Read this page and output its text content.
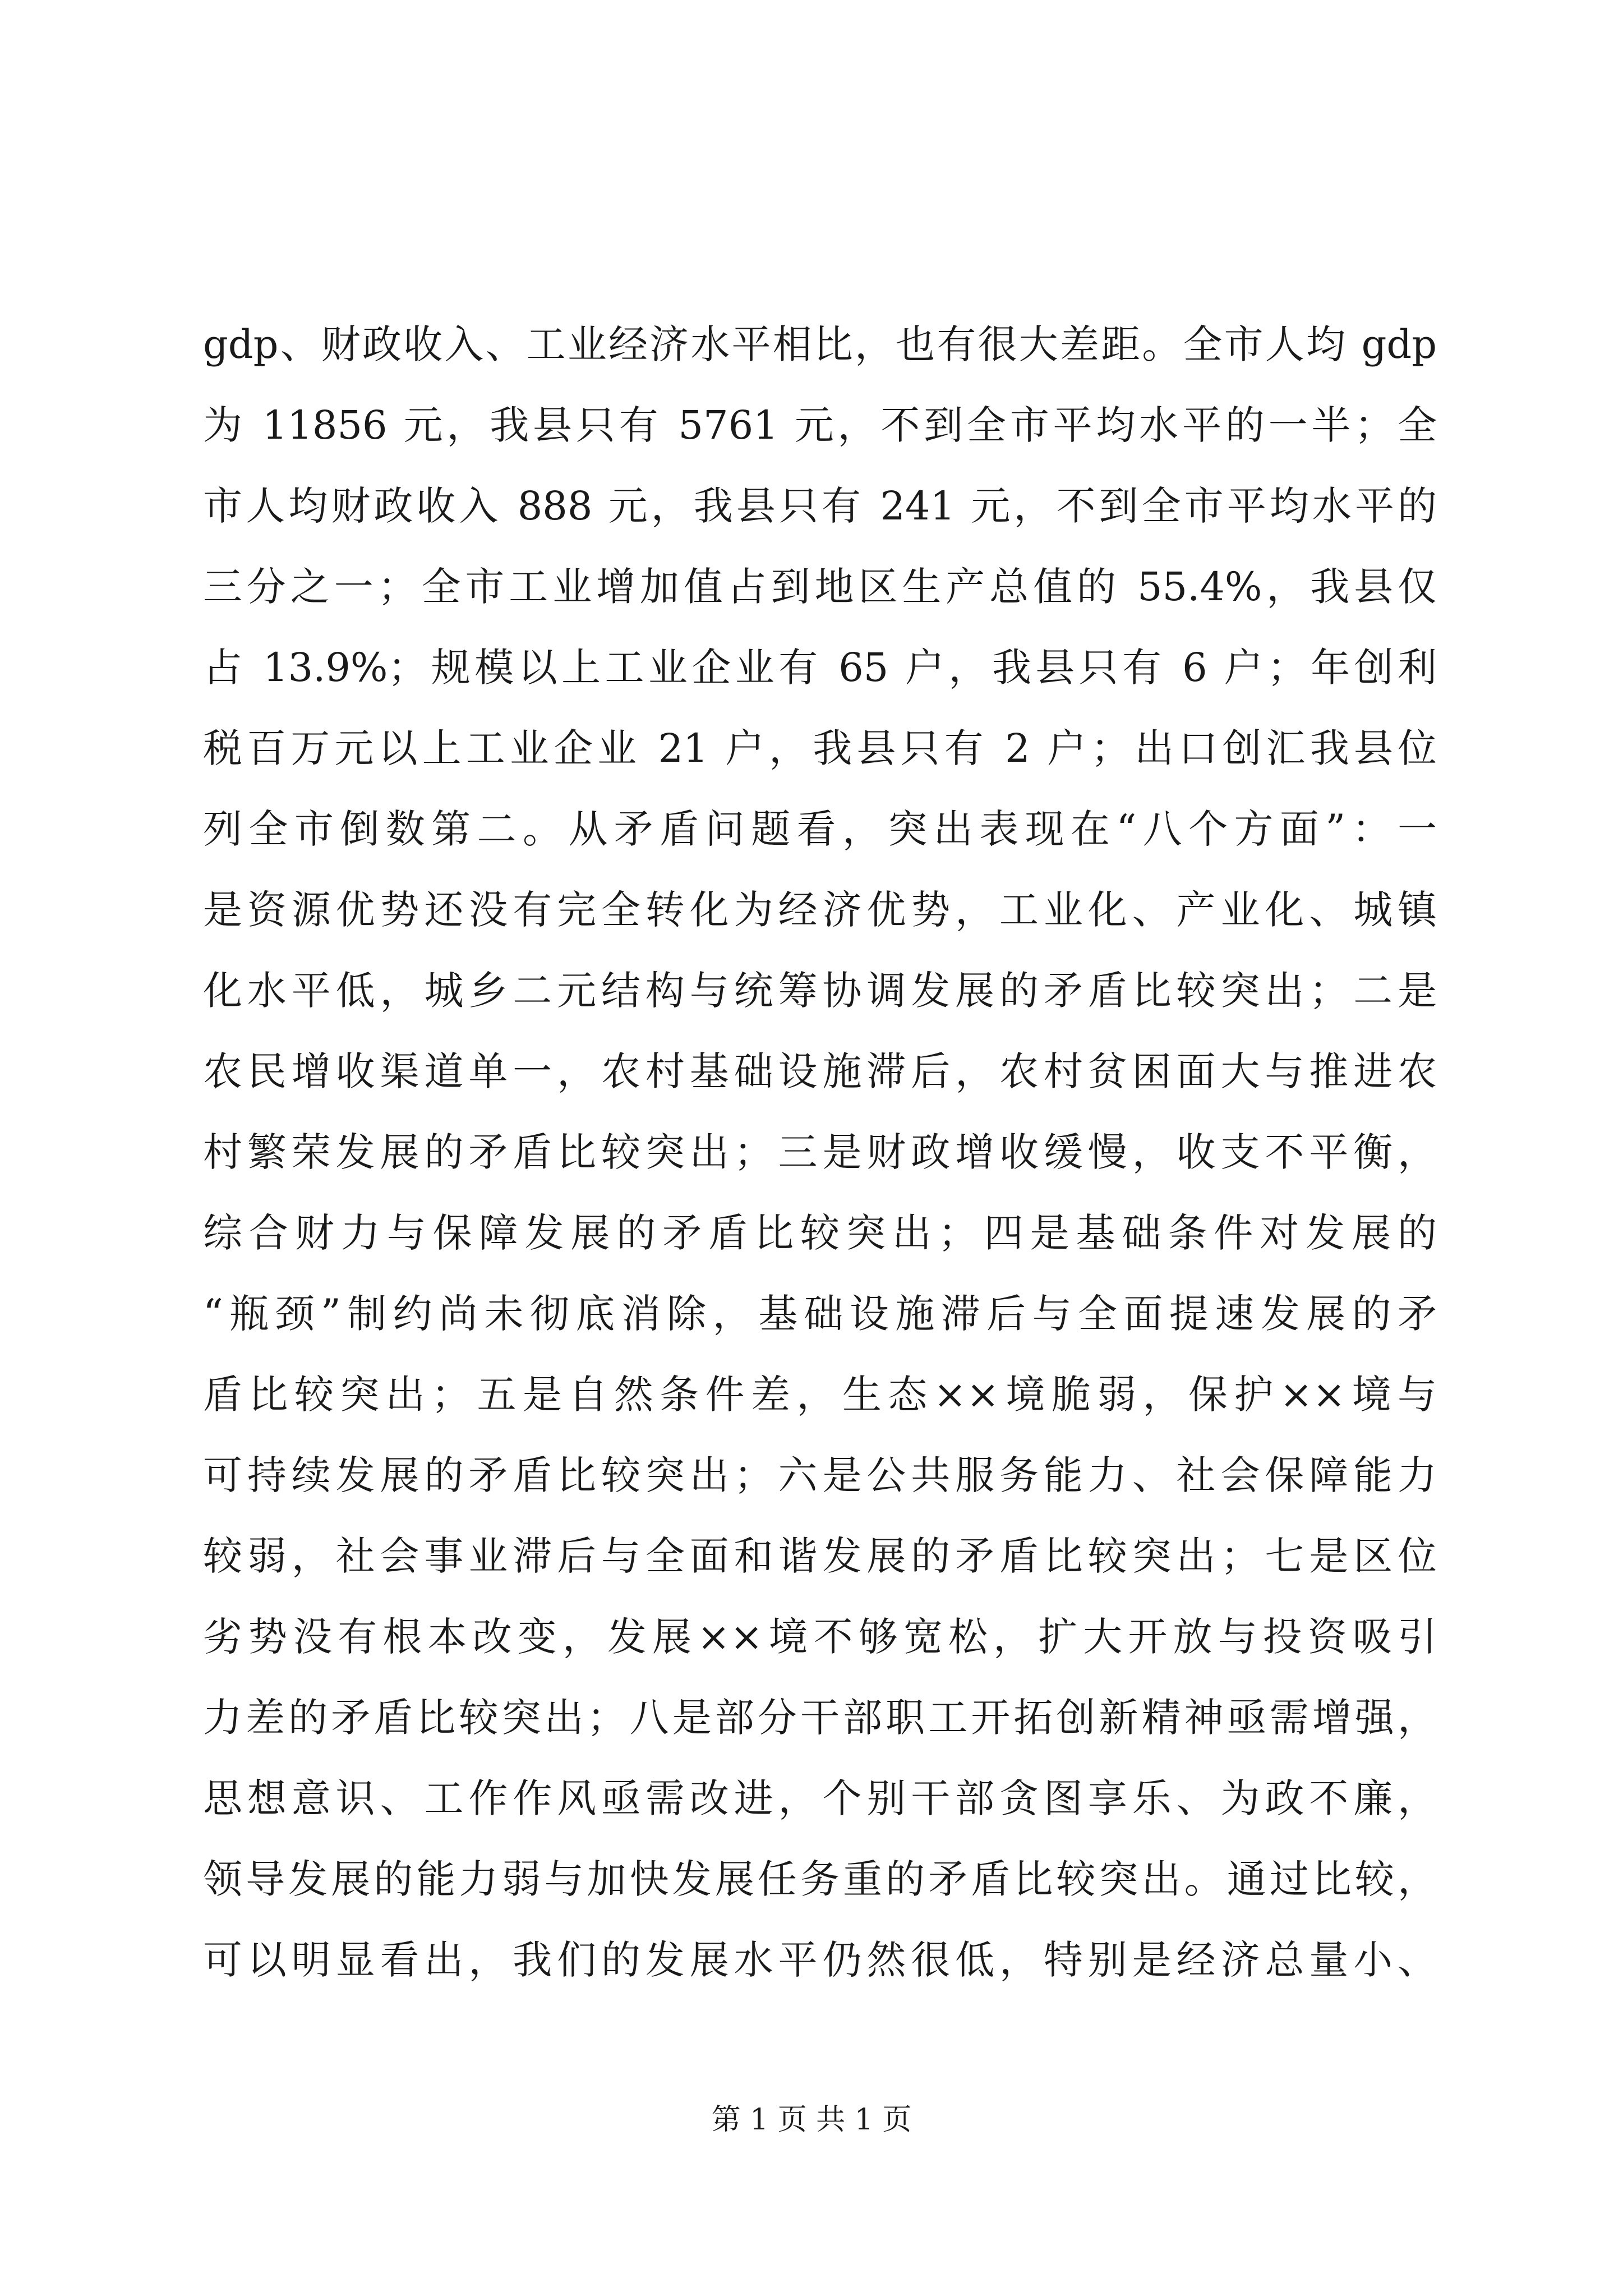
gdp、财政收入、工业经济水平相比，也有很大差距。全市人均 gdp
为 11856 元，我县只有 5761 元，不到全市平均水平的一半；全
市人均财政收入 888 元，我县只有 241 元，不到全市平均水平的
三分之一；全市工业增加值占到地区生产总值的 55.4%，我县仅
占 13.9%；规模以上工业企业有 65 户，我县只有 6 户；年创利
税百万元以上工业企业 21 户，我县只有 2 户；出口创汇我县位
列全市倒数第二。从矛盾问题看，突出表现在“八个方面”：一
是资源优势还没有完全转化为经济优势，工业化、产业化、城镇
化水平低，城乡二元结构与统筹协调发展的矛盾比较突出；二是
农民增收渠道单一，农村基础设施滞后，农村贫困面大与推进农
村繁荣发展的矛盾比较突出；三是财政增收缓慢，收支不平衡，
综合财力与保障发展的矛盾比较突出；四是基础条件对发展的
“瓶颈”制约尚未彻底消除，基础设施滞后与全面提速发展的矛
盾比较突出；五是自然条件差，生态××境脆弱，保护××境与
可持续发展的矛盾比较突出；六是公共服务能力、社会保障能力
较弱，社会事业滞后与全面和谐发展的矛盾比较突出；七是区位
劣势没有根本改变，发展××境不够宽松，扩大开放与投资吸引
力差的矛盾比较突出；八是部分干部职工开拓创新精神亟需增强，
思想意识、工作作风亟需改进，个别干部贪图享乐、为政不廉，
领导发展的能力弱与加快发展任务重的矛盾比较突出。通过比较，
可以明显看出，我们的发展水平仍然很低，特别是经济总量小、
第 1 页 共 1 页
